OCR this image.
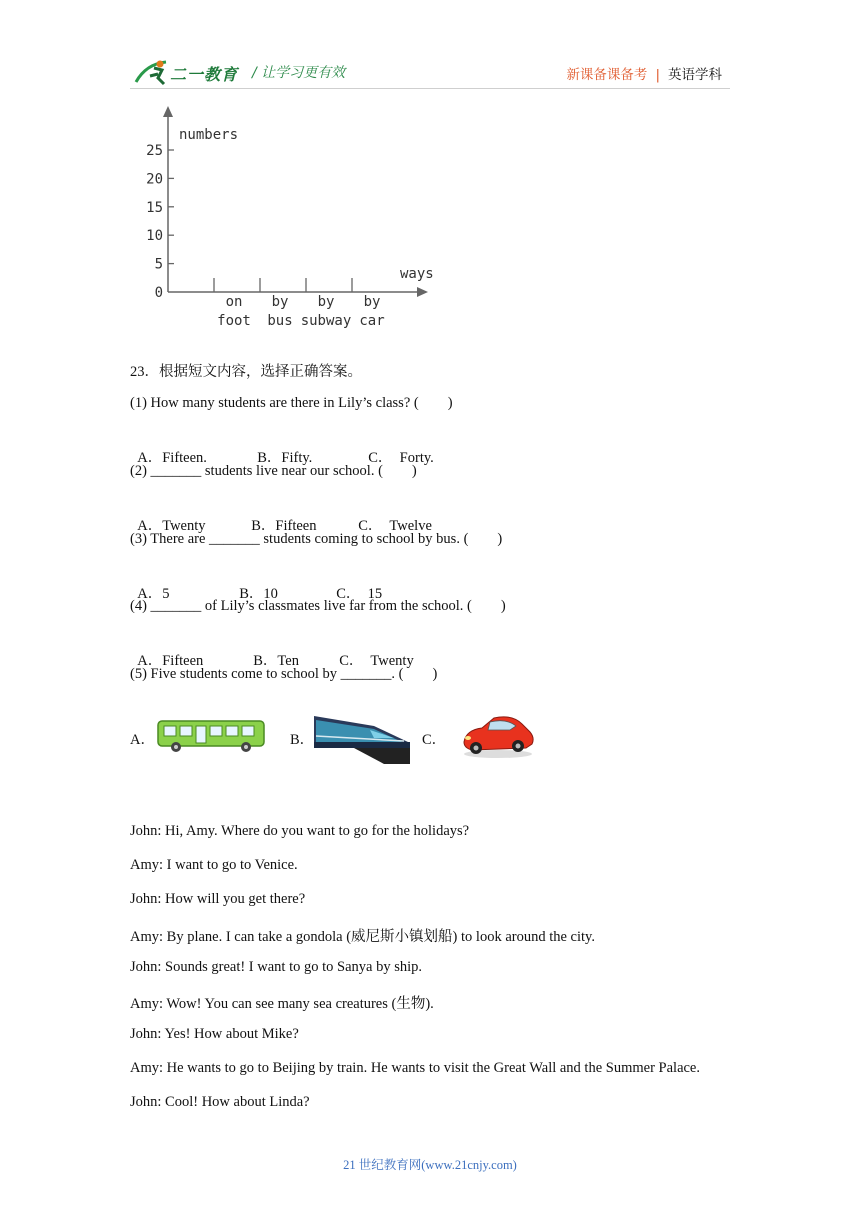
二一教育 / 让学习更有效	新课备课备考 | 英语学科
numbers
ways
0
5
10
15
20
25
on
foot
by
bus
by
subway
by
car
23．根据短文内容，选择正确答案。
(1) How many students are there in Lily’s class? (        )

A．Fifteen.	B．Fifty.	C．  Forty.

(2) _______ students live near our school. (        )

A．Twenty	B．Fifteen	C．  Twelve

(3) There are _______ students coming to school by bus. (        )

A．5	B．10	C．  15

(4) _______ of Lily’s classmates live far from the school. (        )

A．Fifteen	B．Ten	C．  Twenty

(5) Five students come to school by _______. (        )
A．	B．	C．
John: Hi, Amy. Where do you want to go for the holidays?
Amy: I want to go to Venice.
John: How will you get there?
Amy: By plane. I can take a gondola (威尼斯小镇划船) to look around the city.
John: Sounds great! I want to go to Sanya by ship.
Amy: Wow! You can see many sea creatures (生物).
John: Yes! How about Mike?
Amy: He wants to go to Beijing by train. He wants to visit the Great Wall and the Summer Palace.
John: Cool! How about Linda?
21 世纪教育网(www.21cnjy.com)
